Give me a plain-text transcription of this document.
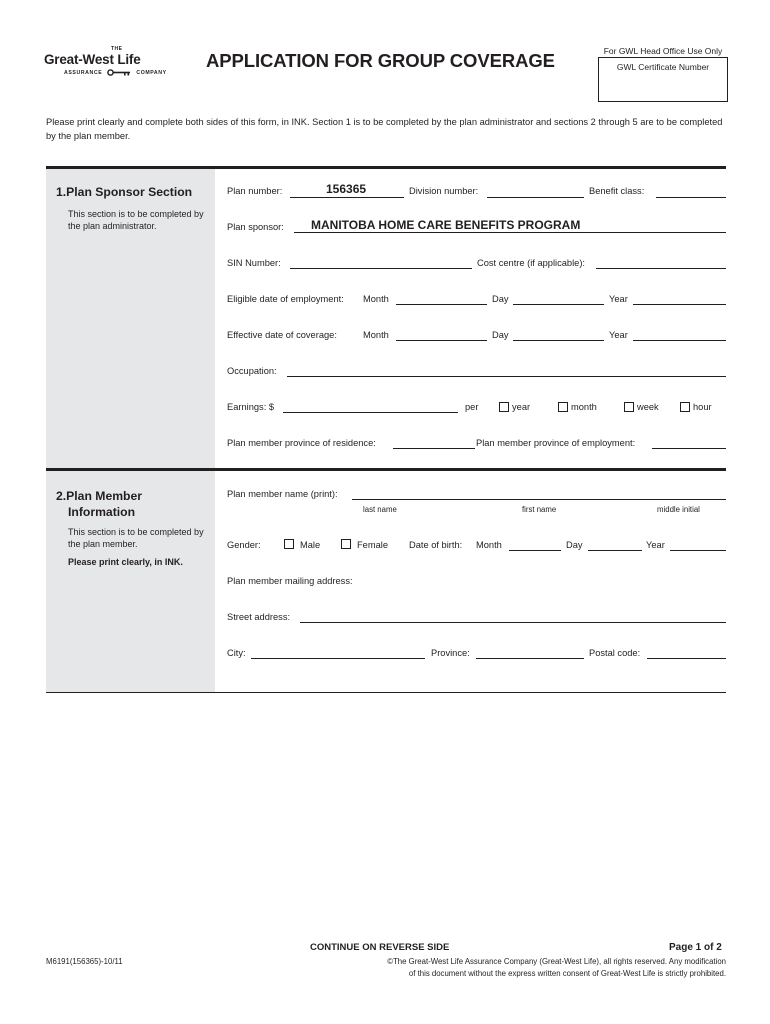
THE
Great-West Life
ASSURANCE	COMPANY
APPLICATION FOR GROUP COVERAGE	For GWL Head Office Use Only
GWL Certificate Number
Please print clearly and complete both sides of this form, in INK. Section 1 is to be completed by the plan administrator and sections 2 through 5 are to be completed by the plan member.
1.Plan Sponsor Section
This section is to be completed by the plan administrator.
Plan number:	156365	Division number:	Benefit class:
Plan sponsor: MANITOBA HOME CARE BENEFITS PROGRAM
SIN Number:	Cost centre (if applicable):
Eligible date of employment: Month	Day	Year
Effective date of coverage:	Month	Day	Year
Occupation:
Earnings: $	per	year	month	week	hour
Plan member province of residence:	Plan member province of employment:
2.Plan Member
Information
This section is to be completed by the plan member.
Please print clearly, in INK.
Plan member name (print):
last name	first name	middle initial
Gender:	Male	Female Date of birth: Month	Day	Year
Plan member mailing address:
Street address:
City:	Province:	Postal code:
CONTINUE ON REVERSE SIDE	Page 1 of 2
M6191(156365)-10/11	©The Great-West Life Assurance Company (Great-West Life), all rights reserved. Any modification
of this document without the express written consent of Great-West Life is strictly prohibited.
